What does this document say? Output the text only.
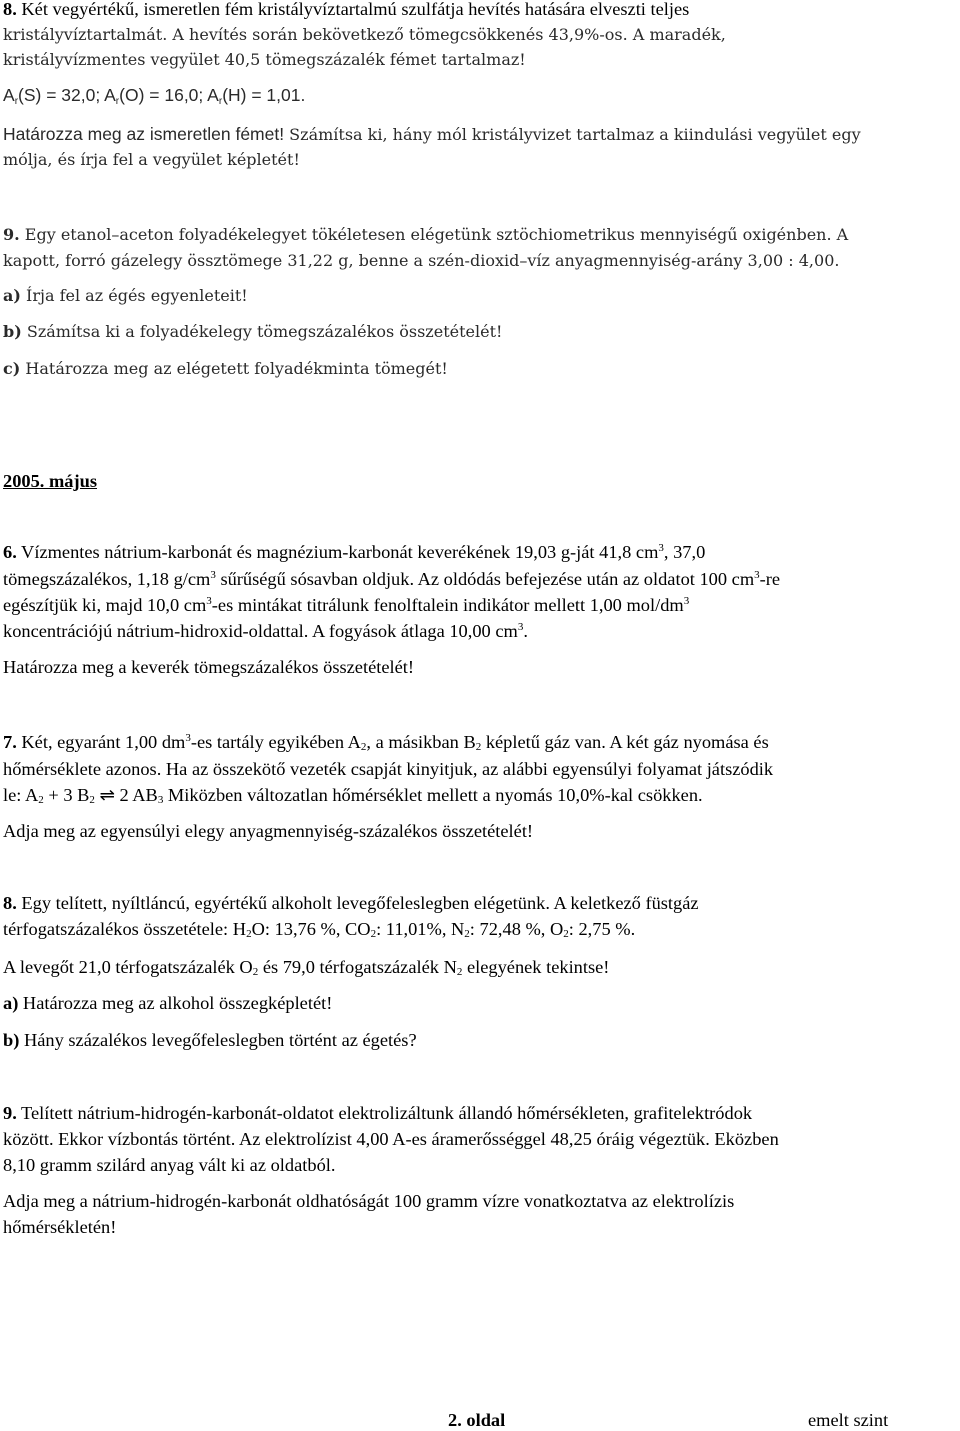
8. Két vegyértékű, ismeretlen fém kristályvíztartalmú szulfátja hevítés hatására elveszti teljes
kristályvíztartalmát. A hevítés során bekövetkező tömegcsökkenés 43,9%-os. A maradék,
kristályvízmentes vegyület 40,5 tömegszázalék fémet tartalmaz!
$A_r(S) = 32,0$; $A_r(O) = 16,0$; $A_r(H) = 1,01$.
Határozza meg az ismeretlen fémet! Számítsa ki, hány mól kristályvizet tartalmaz a kiindulási vegyület egy
mólja, és írja fel a vegyület képletét!
9. Egy etanol–aceton folyadékelegyet tökéletesen elégetünk sztöchiometrikus mennyiségű oxigénben. A
kapott, forró gázelegy össztömege 31,22 g, benne a szén-dioxid–víz anyagmennyiség-arány 3,00 : 4,00.
a) Írja fel az égés egyenleteit!
b) Számítsa ki a folyadékelegy tömegszázalékos összetételét!
c) Határozza meg az elégetett folyadékminta tömegét!
2005. május
6. Vízmentes nátrium-karbonát és magnézium-karbonát keverékének 19,03 g-ját 41,8 $cm^3$, 37,0
tömegszázalékos, 1,18 $g/cm^3$ sűrűségű sósavban oldjuk. Az oldódás befejezése után az oldatot 100 $cm^3-re$
egészítjük ki, majd 10,0 $cm^3-es$ mintákat titrálunk fenolftalein indikátor mellett 1,00 mol/$dm^3$
koncentrációjú nátrium-hidroxid-oldattal. A fogyások átlaga 10,00 $cm^3$.
Határozza meg a keverék tömegszázalékos összetételét!
7. Két, egyaránt 1,00 $dm^3-es$ tartály egyikében $A_2$, a másikban $B_2$ képletű gáz van. A két gáz nyomása és
hőmérséklete azonos. Ha az összekötő vezeték csapját kinyitjuk, az alábbi egyensúlyi folyamat játszódik
le: $A_2 + 3$ $B_2$ ⇌ 2 $AB_3$ Miközben változatlan hőmérséklet mellett a nyomás 10,0%-kal csökken.
Adja meg az egyensúlyi elegy anyagmennyiség-százalékos összetételét!
8. Egy telített, nyíltláncú, egyértékű alkoholt levegőfeleslegben elégetünk. A keletkező füstgáz
térfogatszázalékos összetétele: $H_2O$: 13,76 %, $CO_2$: 11,01%, $N_2$: 72,48 %, $O_2$: 2,75 %.
A levegőt 21,0 térfogatszázalék $O_2$ és 79,0 térfogatszázalék $N_2$ elegyének tekintse!
a) Határozza meg az alkohol összegképletét!
b) Hány százalékos levegőfeleslegben történt az égetés?
9. Telített nátrium-hidrogén-karbonát-oldatot elektrolizáltunk állandó hőmérsékleten, grafitelektródok
között. Ekkor vízbontás történt. Az elektrolízist 4,00 A-es áramerősséggel 48,25 óráig végeztük. Eközben
8,10 gramm szilárd anyag vált ki az oldatból.
Adja meg a nátrium-hidrogén-karbonát oldhatóságát 100 gramm vízre vonatkoztatva az elektrolízis
hőmérsékletén!
2. oldal	emelt szint
